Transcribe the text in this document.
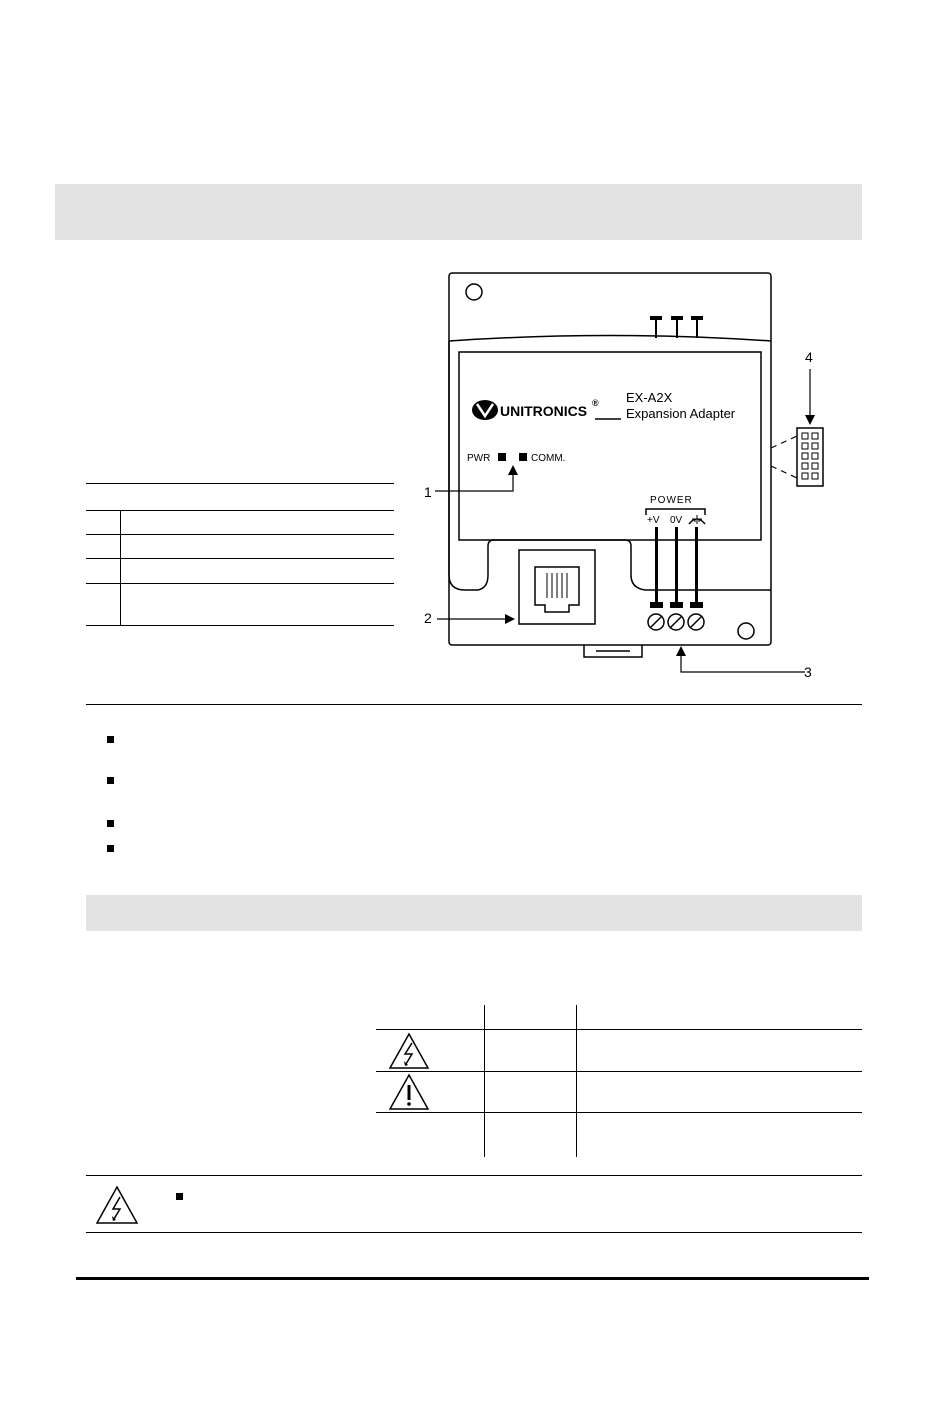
UNITRONICS ® EX-A2X
Expansion Adapter
PWR	COMM.
POWER
+V 0V
1
2
3
4
